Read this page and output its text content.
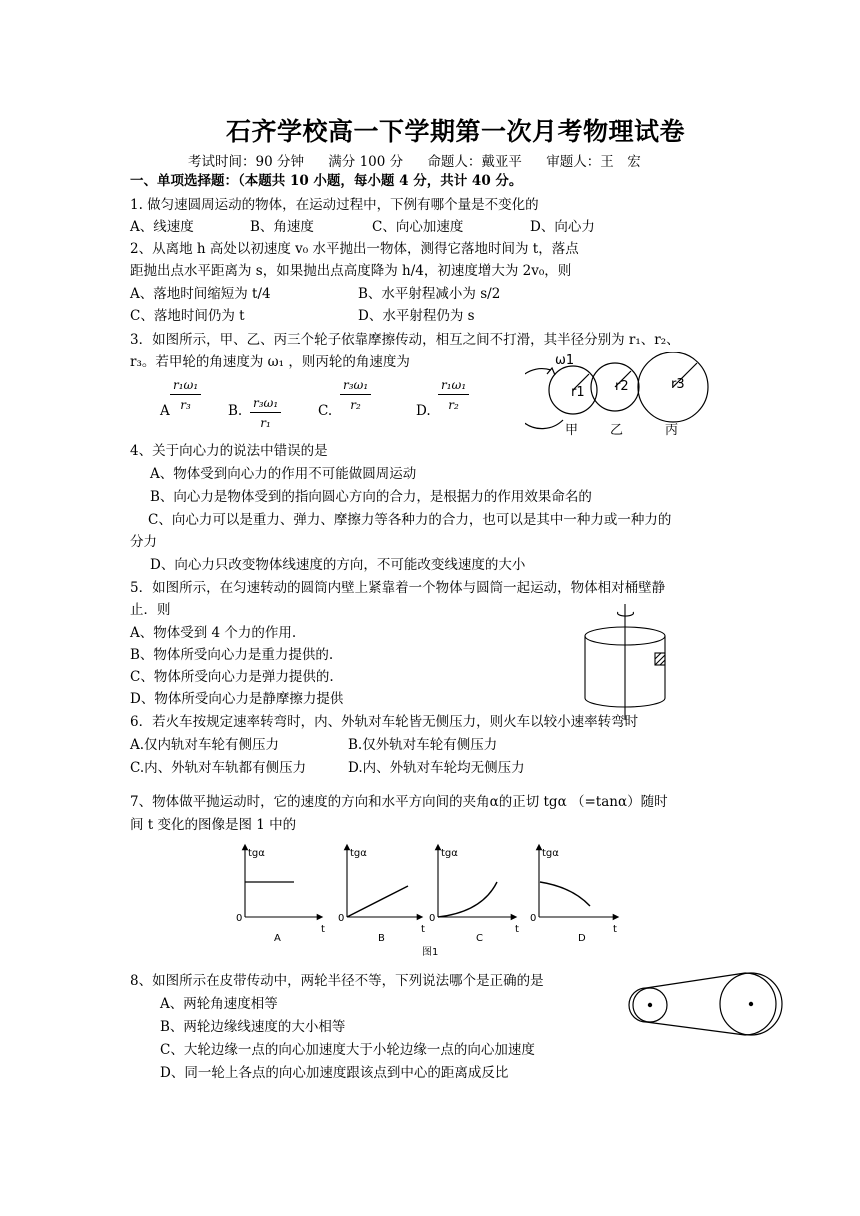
石齐学校高一下学期第一次月考物理试卷
考试时间：90 分钟 满分 100 分 命题人：戴亚平 审题人：王　宏
一、单项选择题：（本题共 10 小题，每小题 4 分，共计 40 分。
1. 做匀速圆周运动的物体，在运动过程中，下例有哪个量是不变化的
A、线速度	B、角速度	C、向心加速度	D、向心力
2、从离地 h 高处以初速度 v₀ 水平抛出一物体，测得它落地时间为 t，落点
距抛出点水平距离为 s，如果抛出点高度降为 h/4，初速度增大为 2v₀，则
A、落地时间缩短为 t/4	B、水平射程减小为 s/2
C、落地时间仍为 t	D、水平射程仍为 s
3．如图所示，甲、乙、丙三个轮子依靠摩擦传动，相互之间不打滑，其半径分别为 r₁、r₂、
r₃。若甲轮的角速度为 ω₁ ，则丙轮的角速度为
A $\frac{\text{r₁ω₁}}{\text{r₃}} B$. $\frac{\text{r₃ω₁}}{\text{r₁}}$	C. $\frac{\text{r₃ω₁}}{\text{r₂}}$	D. $\frac{\text{r₁ω₁}}{\text{r₂}}$
ω1
r1 r2	r3
甲 乙	丙
4、关于向心力的说法中错误的是
A、物体受到向心力的作用不可能做圆周运动
B、向心力是物体受到的指向圆心方向的合力，是根据力的作用效果命名的
C、向心力可以是重力、弹力、摩擦力等各种力的合力，也可以是其中一种力或一种力的
分力
D、向心力只改变物体线速度的方向，不可能改变线速度的大小
5．如图所示，在匀速转动的圆筒内壁上紧靠着一个物体与圆筒一起运动，物体相对桶壁静
止．则
A、物体受到 4 个力的作用.
B、物体所受向心力是重力提供的.
C、物体所受向心力是弹力提供的.
D、物体所受向心力是静摩擦力提供
6．若火车按规定速率转弯时，内、外轨对车轮皆无侧压力，则火车以较小速率转弯时
A.仅内轨对车轮有侧压力	B.仅外轨对车轮有侧压力
C.内、外轨对车轨都有侧压力	D.内、外轨对车轮均无侧压力
7、物体做平抛运动时，它的速度的方向和水平方向间的夹角α的正切 tgα （=tanα）随时
间 t 变化的图像是图 1 中的
tgα	tgα	tgα	tgα
0	0	0	0
t	t	t	t
A	B	C	D
图1
8、如图所示在皮带传动中，两轮半径不等，下列说法哪个是正确的是
A、两轮角速度相等
B、两轮边缘线速度的大小相等
C、大轮边缘一点的向心加速度大于小轮边缘一点的向心加速度
D、同一轮上各点的向心加速度跟该点到中心的距离成反比
